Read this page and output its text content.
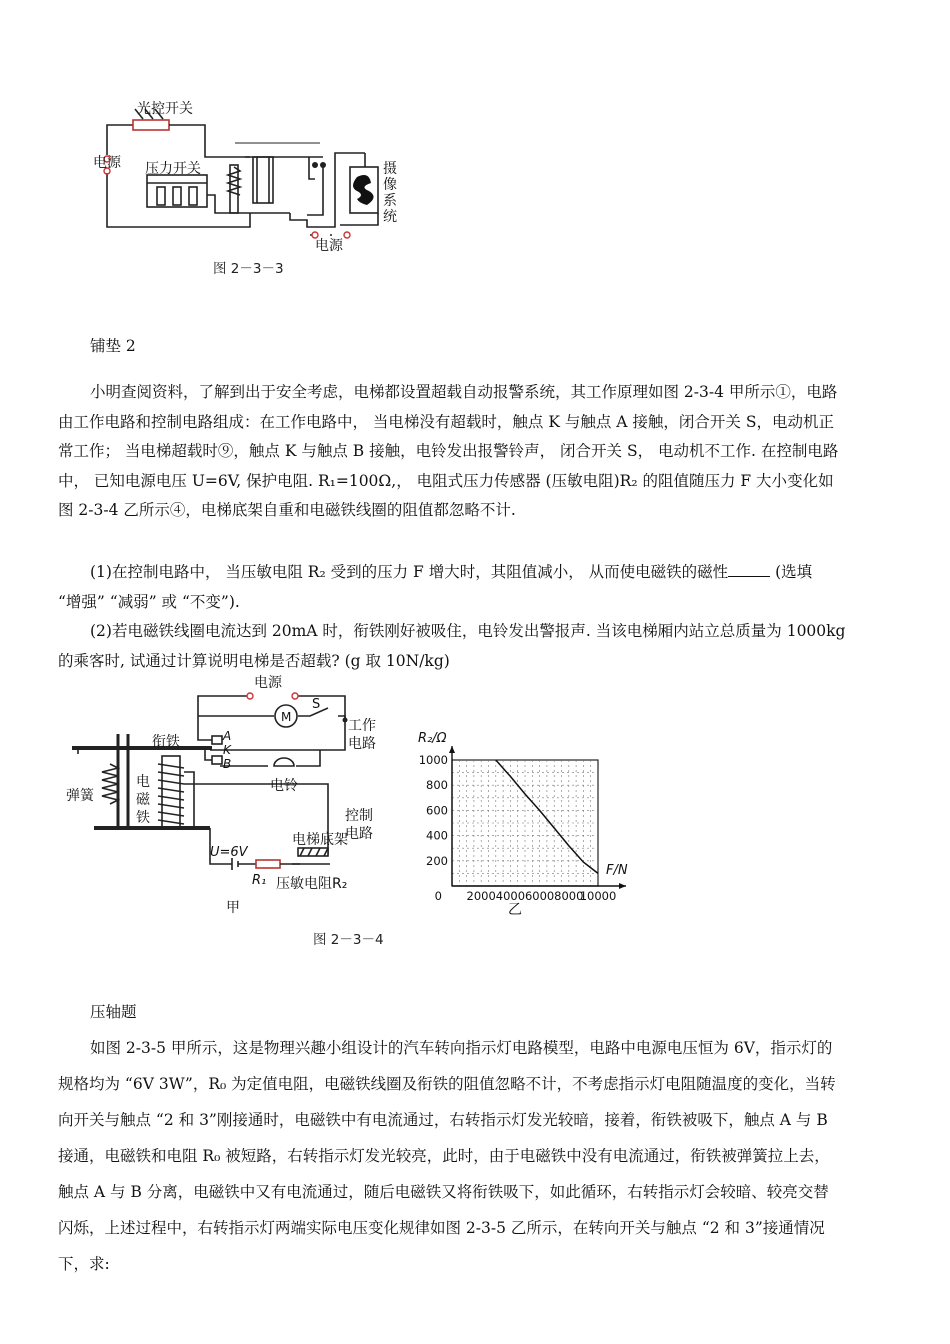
光控开关
压力开关
电源
电源
摄
像
系
统
图 2－3－3
铺垫 2
小明查阅资料，了解到出于安全考虑，电梯都设置超载自动报警系统，其工作原理如图 2-3-4 甲所示①，电路
由工作电路和控制电路组成：在工作电路中， 当电梯没有超载时，触点 K 与触点 A 接触，闭合开关 S，电动机正
常工作； 当电梯超载时⑨，触点 K 与触点 B 接触，电铃发出报警铃声， 闭合开关 S， 电动机不工作. 在控制电路
中， 已知电源电压 U=6V, 保护电阻. R₁=100Ω,， 电阻式压力传感器 (压敏电阻)R₂ 的阻值随压力 F 大小变化如
图 2-3-4 乙所示④，电梯底架自重和电磁铁线圈的阻值都忽略不计.
(1)在控制电路中， 当压敏电阻 R₂ 受到的压力 F 增大时，其阻值减小， 从而使电磁铁的磁性	(选填
“增强” “减弱” 或 “不变”).
(2)若电磁铁线圈电流达到 20mA 时，衔铁刚好被吸住，电铃发出警报声. 当该电梯厢内站立总质量为 1000kg
的乘客时, 试通过计算说明电梯是否超载? (g 取 10N/kg)
电源
M
S
工作
电路
衔铁	A
K
B
电铃
弹簧
电
磁
铁	控制
电路
U=6V
电梯底架
R₁ 压敏电阻R₂
甲
0 2000 4000 6000 8000
10000
200
400
600
800
1000
R₂/Ω
F/N
乙
图 2－3－4
压轴题
如图 2-3-5 甲所示，这是物理兴趣小组设计的汽车转向指示灯电路模型，电路中电源电压恒为 6V，指示灯的
规格均为 “6V 3W”，R₀ 为定值电阻，电磁铁线圈及衔铁的阻值忽略不计，不考虑指示灯电阻随温度的变化，当转
向开关与触点 “2 和 3”刚接通时，电磁铁中有电流通过，右转指示灯发光较暗，接着，衔铁被吸下，触点 A 与 B
接通，电磁铁和电阻 R₀ 被短路，右转指示灯发光较亮，此时，由于电磁铁中没有电流通过，衔铁被弹簧拉上去，
触点 A 与 B 分离，电磁铁中又有电流通过，随后电磁铁又将衔铁吸下，如此循环，右转指示灯会较暗、较亮交替
闪烁，上述过程中，右转指示灯两端实际电压变化规律如图 2-3-5 乙所示，在转向开关与触点 “2 和 3”接通情况
下，求:
